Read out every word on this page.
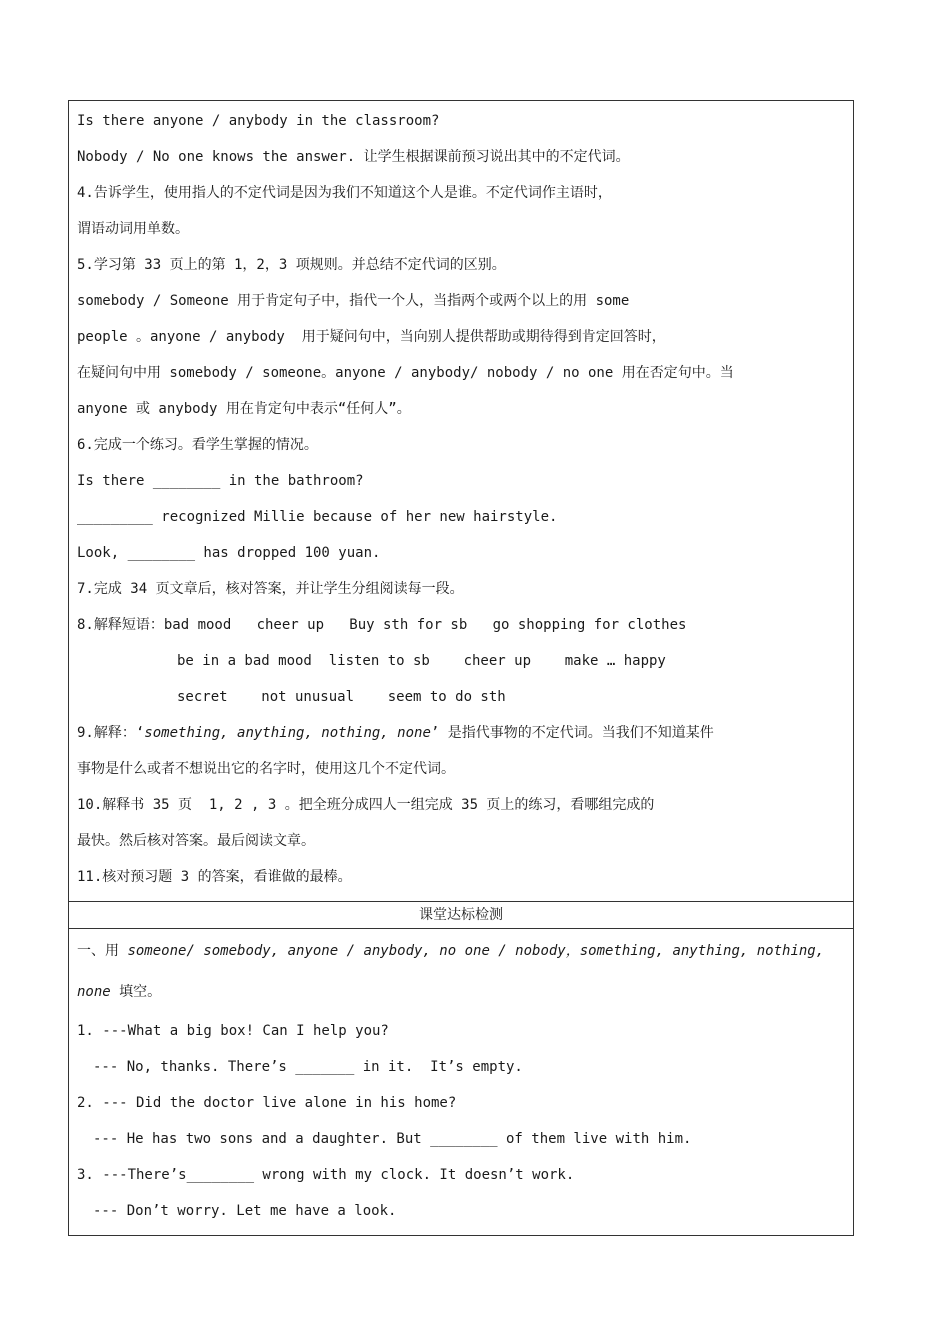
Is there anyone / anybody in the classroom?
Nobody / No one knows the answer. 让学生根据课前预习说出其中的不定代词。
4.告诉学生，使用指人的不定代词是因为我们不知道这个人是谁。不定代词作主语时，
谓语动词用单数。
5.学习第 33 页上的第 1，2，3 项规则。并总结不定代词的区别。
somebody / Someone 用于肯定句子中，指代一个人，当指两个或两个以上的用 some
people 。anyone / anybody  用于疑问句中，当向别人提供帮助或期待得到肯定回答时，
在疑问句中用 somebody / someone。anyone / anybody/ nobody / no one 用在否定句中。当
anyone 或 anybody 用在肯定句中表示“任何人”。
6.完成一个练习。看学生掌握的情况。
Is there ________ in the bathroom?
_________ recognized Millie because of her new hairstyle.
Look, ________ has dropped 100 yuan.
7.完成 34 页文章后，核对答案，并让学生分组阅读每一段。
8.解释短语：bad mood   cheer up   Buy sth for sb   go shopping for clothes
be in a bad mood  listen to sb    cheer up    make … happy
secret    not unusual    seem to do sth
9.解释：‘something, anything, nothing, none’ 是指代事物的不定代词。当我们不知道某件
事物是什么或者不想说出它的名字时，使用这几个不定代词。
10.解释书 35 页  1, 2 , 3 。把全班分成四人一组完成 35 页上的练习，看哪组完成的
最快。然后核对答案。最后阅读文章。
11.核对预习题 3 的答案，看谁做的最棒。
课堂达标检测
一、用 someone/ somebody, anyone / anybody, no one / nobody，something, anything, nothing,
none 填空。
1. ---What a big box! Can I help you?
--- No, thanks. There’s _______ in it.  It’s empty.
2. --- Did the doctor live alone in his home?
--- He has two sons and a daughter. But ________ of them live with him.
3. ---There’s________ wrong with my clock. It doesn’t work.
--- Don’t worry. Let me have a look.
